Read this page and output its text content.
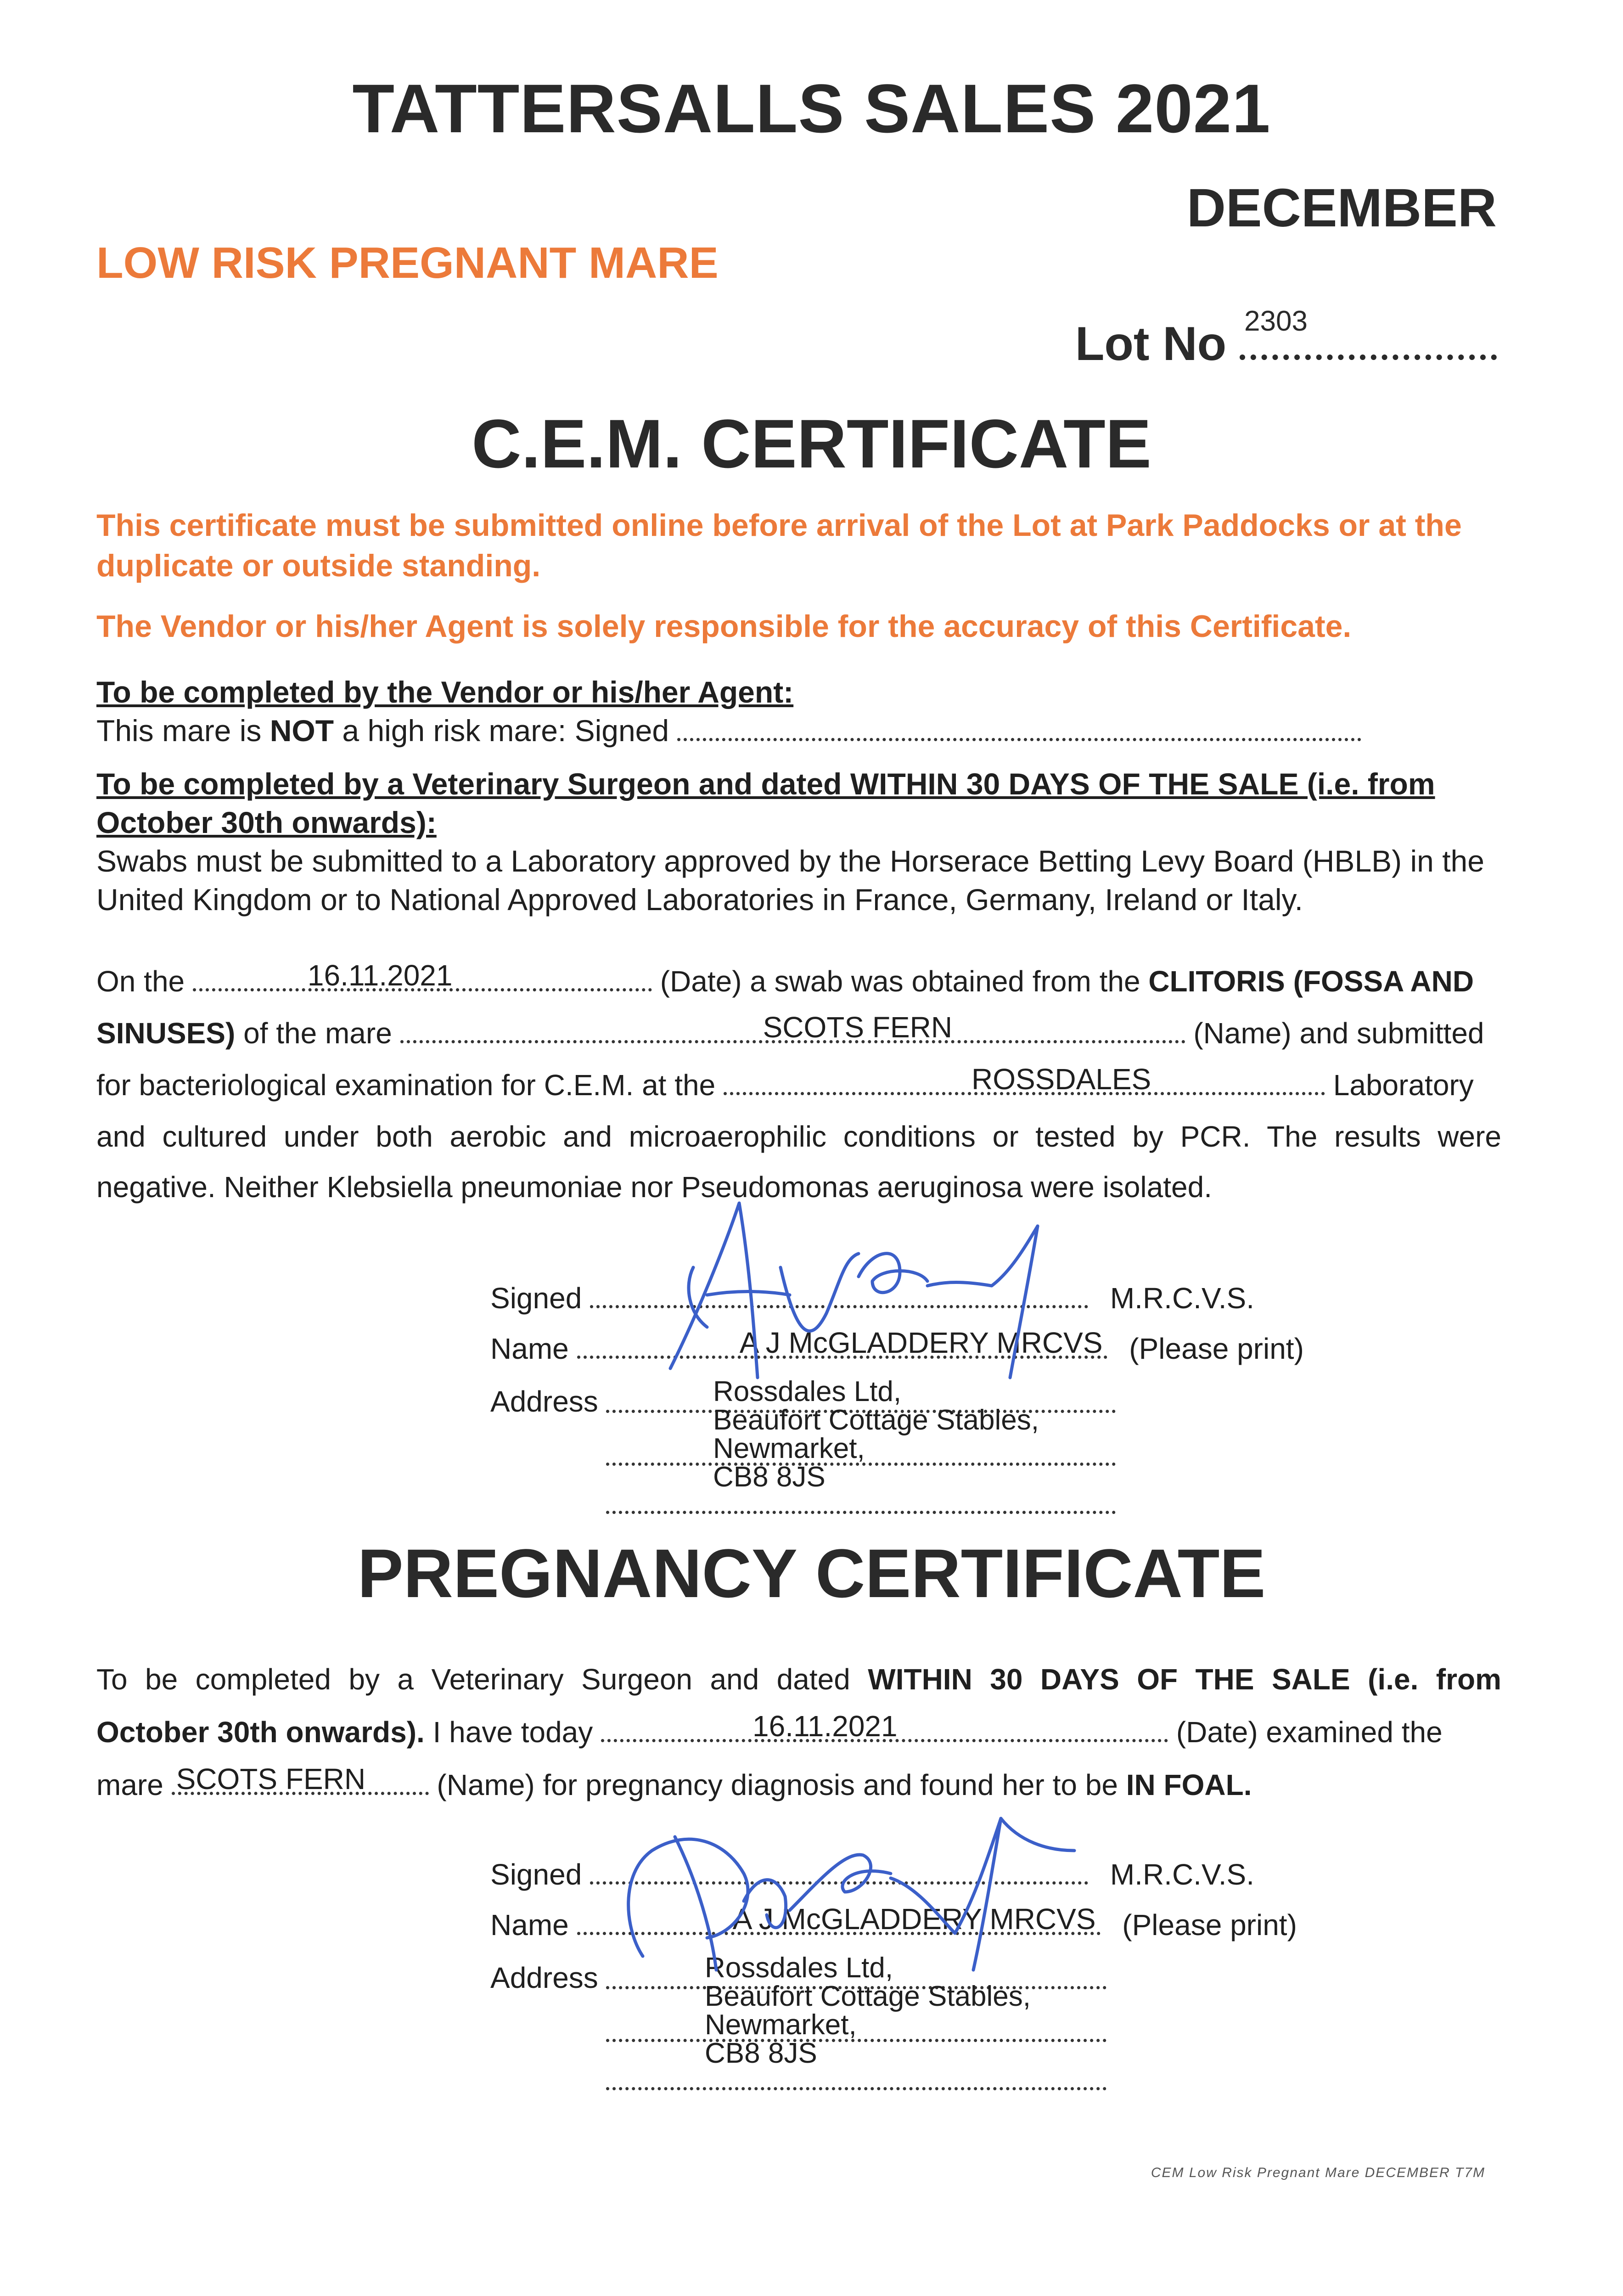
TATTERSALLS SALES 2021
DECEMBER
LOW RISK PREGNANT MARE
Lot No 2303
C.E.M. CERTIFICATE
This certificate must be submitted online before arrival of the Lot at Park Paddocks or at the duplicate or outside standing.
The Vendor or his/her Agent is solely responsible for the accuracy of this Certificate.
To be completed by the Vendor or his/her Agent:
This mare is NOT a high risk mare: Signed
To be completed by a Veterinary Surgeon and dated WITHIN 30 DAYS OF THE SALE (i.e. from October 30th onwards):
Swabs must be submitted to a Laboratory approved by the Horserace Betting Levy Board (HBLB) in the United Kingdom or to National Approved Laboratories in France, Germany, Ireland or Italy.
On the	16.11.2021	(Date) a swab was obtained from the CLITORIS (FOSSA AND
SINUSES) of the mare	SCOTS FERN	(Name) and submitted
for bacteriological examination for C.E.M. at the	ROSSDALES	Laboratory
and cultured under both aerobic and microaerophilic conditions or tested by PCR. The results were
negative. Neither Klebsiella pneumoniae nor Pseudomonas aeruginosa were isolated.
Signed	M.R.C.V.S.
Name	A J McGLADDERY MRCVS (Please print)
Address	Rossdales Ltd,
Beaufort Cottage Stables,
Newmarket,
CB8 8JS
PREGNANCY CERTIFICATE
To be completed by a Veterinary Surgeon and dated WITHIN 30 DAYS OF THE SALE (i.e. from
October 30th onwards). I have today	16.11.2021	(Date) examined the
mare SCOTS FERN	(Name) for pregnancy diagnosis and found her to be IN FOAL.
Signed	M.R.C.V.S.
Name	A J McGLADDERY MRCVS (Please print)
Address	Rossdales Ltd,
Beaufort Cottage Stables,
Newmarket,
CB8 8JS
CEM Low Risk Pregnant Mare DECEMBER T7M
